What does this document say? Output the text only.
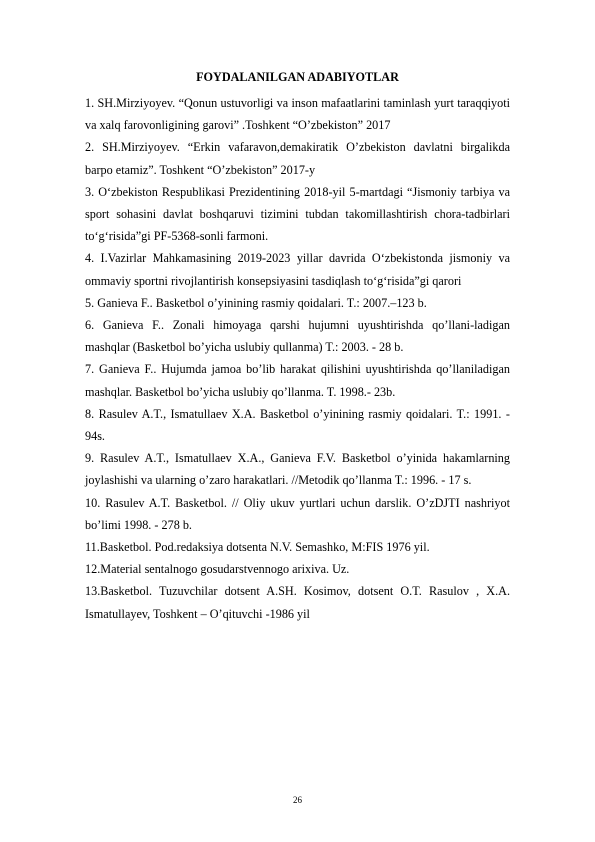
FOYDALANILGAN ADABIYOTLAR

1. SH.Mirziyoyev. “Qonun ustuvorligi va inson mafaatlarini taminlash yurt taraqqiyoti va xalq farovonligining garovi” .Toshkent “O’zbekiston” 2017

2. SH.Mirziyoyev. “Erkin vafaravon,demakiratik O’zbekiston davlatni birgalikda barpo etamiz”. Toshkent “O’zbekiston” 2017-y

3. O‘zbekiston Respublikasi Prezidentining 2018-yil 5-martdagi “Jismoniy tarbiya va sport sohasini davlat boshqaruvi tizimini tubdan takomillashtirish chora-tadbirlari to‘g‘risida”gi PF-5368-sonli farmoni.

4. I.Vazirlar Mahkamasining 2019-2023 yillar davrida O‘zbekistonda jismoniy va ommaviy sportni rivojlantirish konsepsiyasini tasdiqlash to‘g‘risida”gi qarori

5. Ganieva F.. Basketbol o’yinining rasmiy qoidalari. T.: 2007.–123 b.

6. Ganieva F.. Zonali himoyaga qarshi hujumni uyushtirishda qo’llani-ladigan mashqlar (Basketbol bo’yicha uslubiy qullanma) T.: 2003. - 28 b.

7. Ganieva F.. Hujumda jamoa bo’lib harakat qilishini uyushtirishda qo’llaniladigan mashqlar. Basketbol bo’yicha uslubiy qo’llanma. T. 1998.- 23b.

8. Rasulev A.T., Ismatullaev X.A. Basketbol o’yinining rasmiy qoidalari. T.: 1991. - 94s.

9. Rasulev A.T., Ismatullaev X.A., Ganieva F.V. Basketbol o’yinida hakamlarning joylashishi va ularning o’zaro harakatlari. //Metodik qo’llanma T.: 1996. - 17 s.

10. Rasulev A.T. Basketbol. // Oliy ukuv yurtlari uchun darslik. O’zDJTI nashriyot bo’limi 1998. - 278 b.

11.Basketbol. Pod.redaksiya dotsenta N.V. Semashko, M:FIS 1976 yil.

12.Material sentalnogo gosudarstvennogo arixiva. Uz.

13.Basketbol. Tuzuvchilar dotsent A.SH. Kosimov, dotsent O.T. Rasulov , X.A. Ismatullayev, Toshkent – O’qituvchi -1986 yil

26
